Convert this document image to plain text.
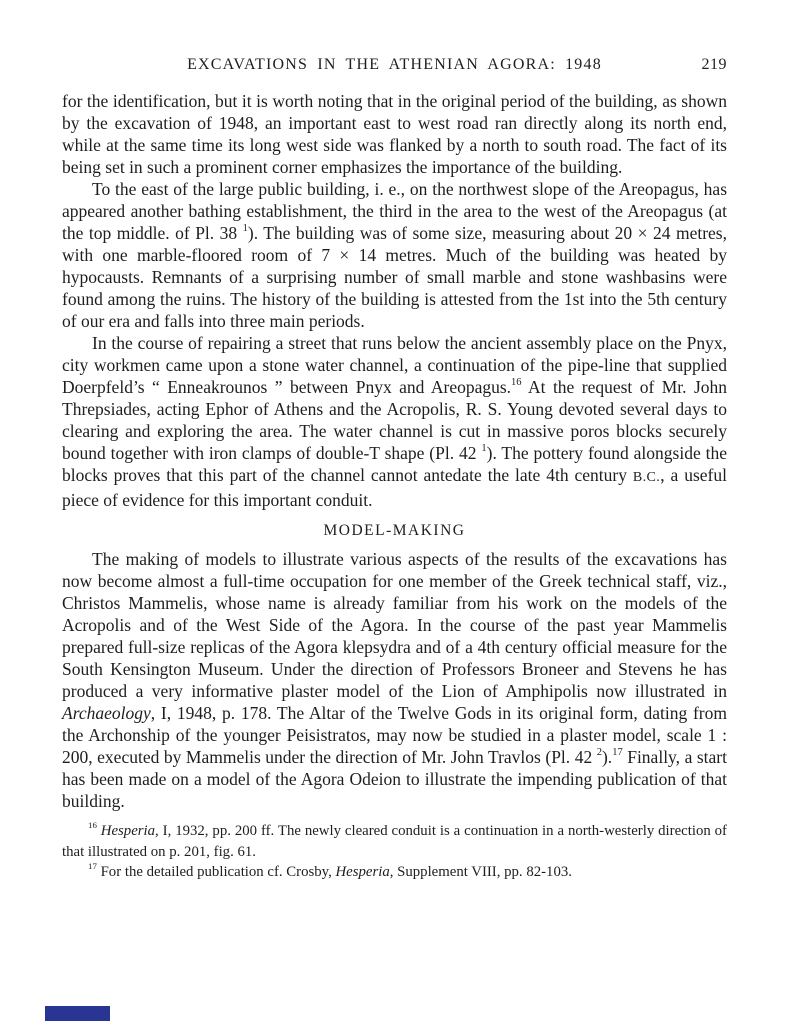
EXCAVATIONS IN THE ATHENIAN AGORA: 1948	219

for the identification, but it is worth noting that in the original period of the building, as shown by the excavation of 1948, an important east to west road ran directly along its north end, while at the same time its long west side was flanked by a north to south road. The fact of its being set in such a prominent corner emphasizes the importance of the building.

To the east of the large public building, i. e., on the northwest slope of the Areopagus, has appeared another bathing establishment, the third in the area to the west of the Areopagus (at the top middle. of Pl. 38 $^1$). The building was of some size, measuring about 20 × 24 metres, with one marble-floored room of 7 × 14 metres. Much of the building was heated by hypocausts. Remnants of a surprising number of small marble and stone washbasins were found among the ruins. The history of the building is attested from the 1st into the 5th century of our era and falls into three main periods.

In the course of repairing a street that runs below the ancient assembly place on the Pnyx, city workmen came upon a stone water channel, a continuation of the pipe-line that supplied Doerpfeld’s “ Enneakrounos ” between Pnyx and Areopagus.$^{16}$ At the request of Mr. John Threpsiades, acting Ephor of Athens and the Acropolis, R. S. Young devoted several days to clearing and exploring the area. The water channel is cut in massive poros blocks securely bound together with iron clamps of double-T shape (Pl. 42 $^1$). The pottery found alongside the blocks proves that this part of the channel cannot antedate the late 4th century B.C., a useful piece of evidence for this important conduit.

MODEL-MAKING

The making of models to illustrate various aspects of the results of the excavations has now become almost a full-time occupation for one member of the Greek technical staff, viz., Christos Mammelis, whose name is already familiar from his work on the models of the Acropolis and of the West Side of the Agora. In the course of the past year Mammelis prepared full-size replicas of the Agora klepsydra and of a 4th century official measure for the South Kensington Museum. Under the direction of Professors Broneer and Stevens he has produced a very informative plaster model of the Lion of Amphipolis now illustrated in Archaeology, I, 1948, p. 178. The Altar of the Twelve Gods in its original form, dating from the Archonship of the younger Peisistratos, may now be studied in a plaster model, scale 1 : 200, executed by Mammelis under the direction of Mr. John Travlos (Pl. 42 $^2$).$^{17}$ Finally, a start has been made on a model of the Agora Odeion to illustrate the impending publication of that building.

$^{16}$ Hesperia, I, 1932, pp. 200 ff. The newly cleared conduit is a continuation in a north-westerly direction of that illustrated on p. 201, fig. 61.

$^{17}$ For the detailed publication cf. Crosby, Hesperia, Supplement VIII, pp. 82-103.
